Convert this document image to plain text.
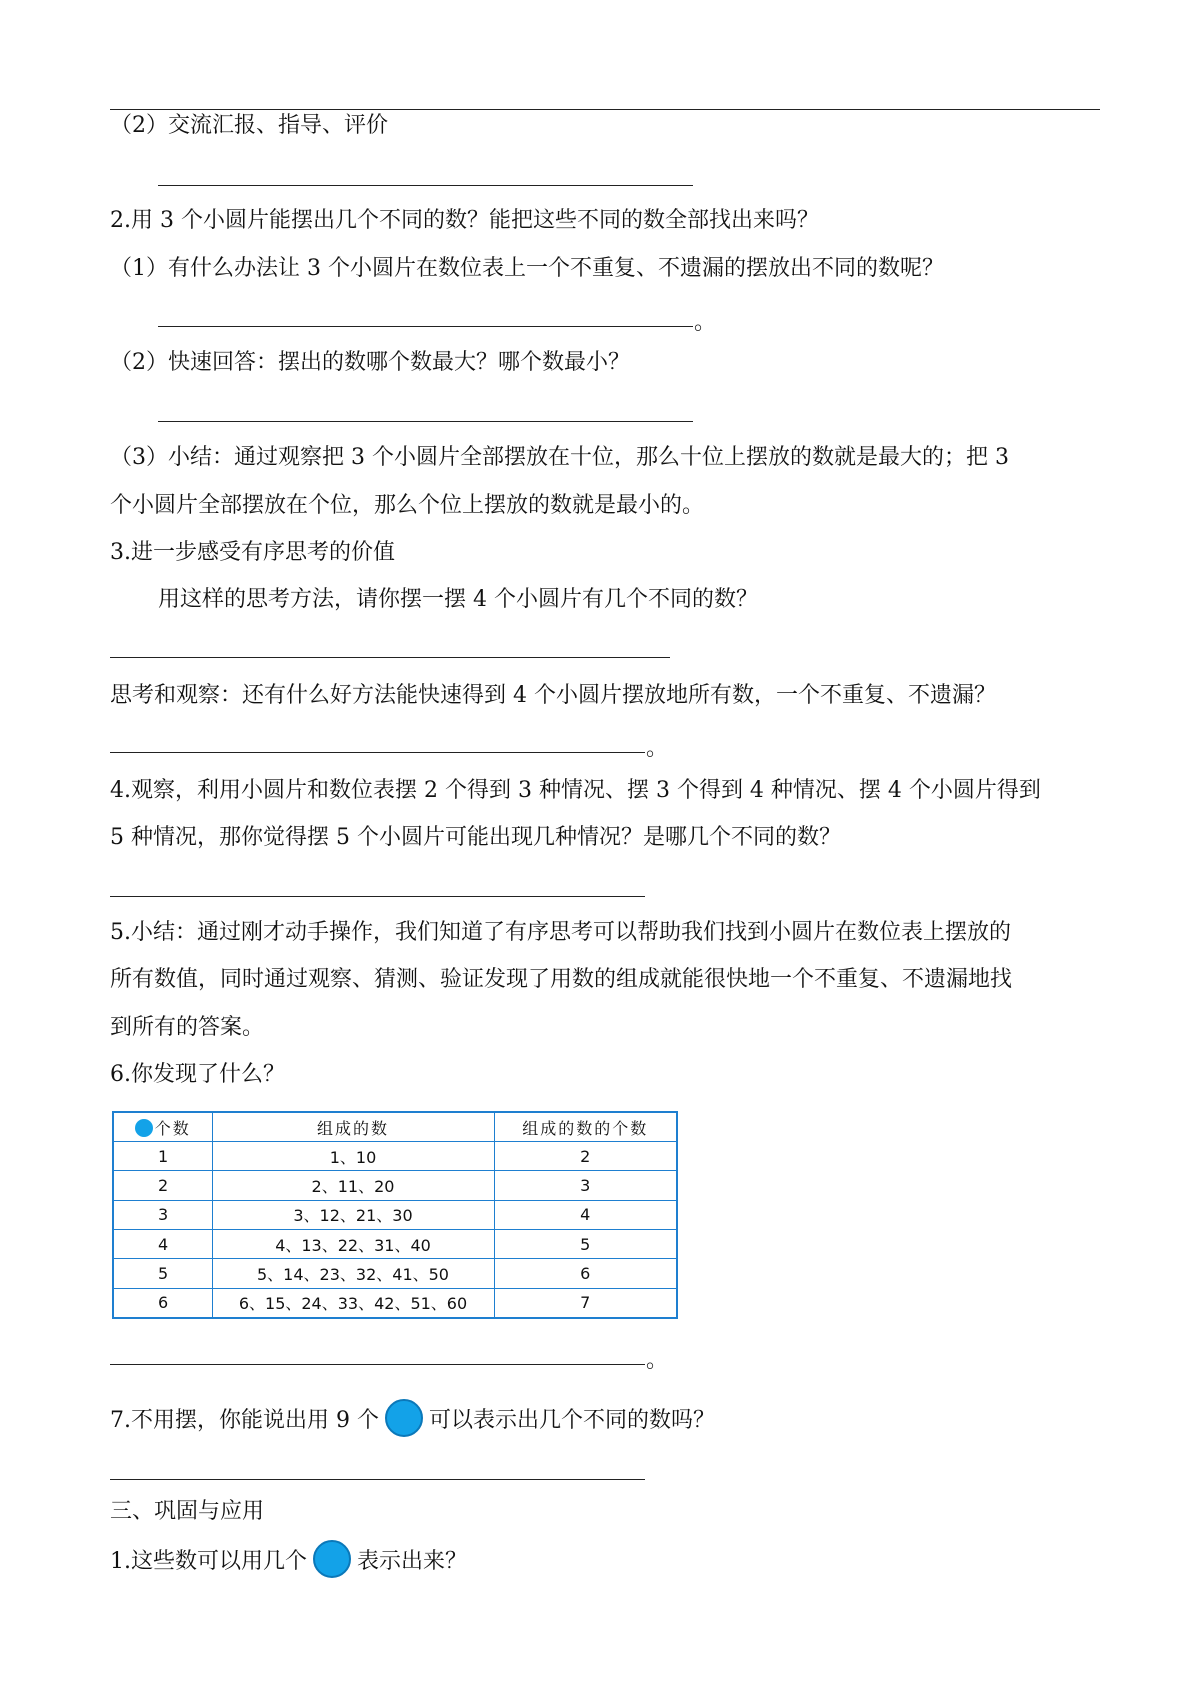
（2）交流汇报、指导、评价
2.用 3 个小圆片能摆出几个不同的数？能把这些不同的数全部找出来吗？
（1）有什么办法让 3 个小圆片在数位表上一个不重复、不遗漏的摆放出不同的数呢？
。
（2）快速回答：摆出的数哪个数最大？哪个数最小？
（3）小结：通过观察把 3 个小圆片全部摆放在十位，那么十位上摆放的数就是最大的；把 3
个小圆片全部摆放在个位，那么个位上摆放的数就是最小的。
3.进一步感受有序思考的价值
用这样的思考方法，请你摆一摆 4 个小圆片有几个不同的数？
思考和观察：还有什么好方法能快速得到 4 个小圆片摆放地所有数，一个不重复、不遗漏？
。
4.观察，利用小圆片和数位表摆 2 个得到 3 种情况、摆 3 个得到 4 种情况、摆 4 个小圆片得到
5 种情况，那你觉得摆 5 个小圆片可能出现几种情况？是哪几个不同的数？
5.小结：通过刚才动手操作，我们知道了有序思考可以帮助我们找到小圆片在数位表上摆放的
所有数值，同时通过观察、猜测、验证发现了用数的组成就能很快地一个不重复、不遗漏地找
到所有的答案。
6.你发现了什么？
个数	组成的数	组成的数的个数
1	1、10	2
2	2、11、20	3
3	3、12、21、30	4
4	4、13、22、31、40	5
5	5、14、23、32、41、50	6
6	6、15、24、33、42、51、60	7
。
7.不用摆，你能说出用 9 个 可以表示出几个不同的数吗？
三、巩固与应用
1.这些数可以用几个 表示出来？
